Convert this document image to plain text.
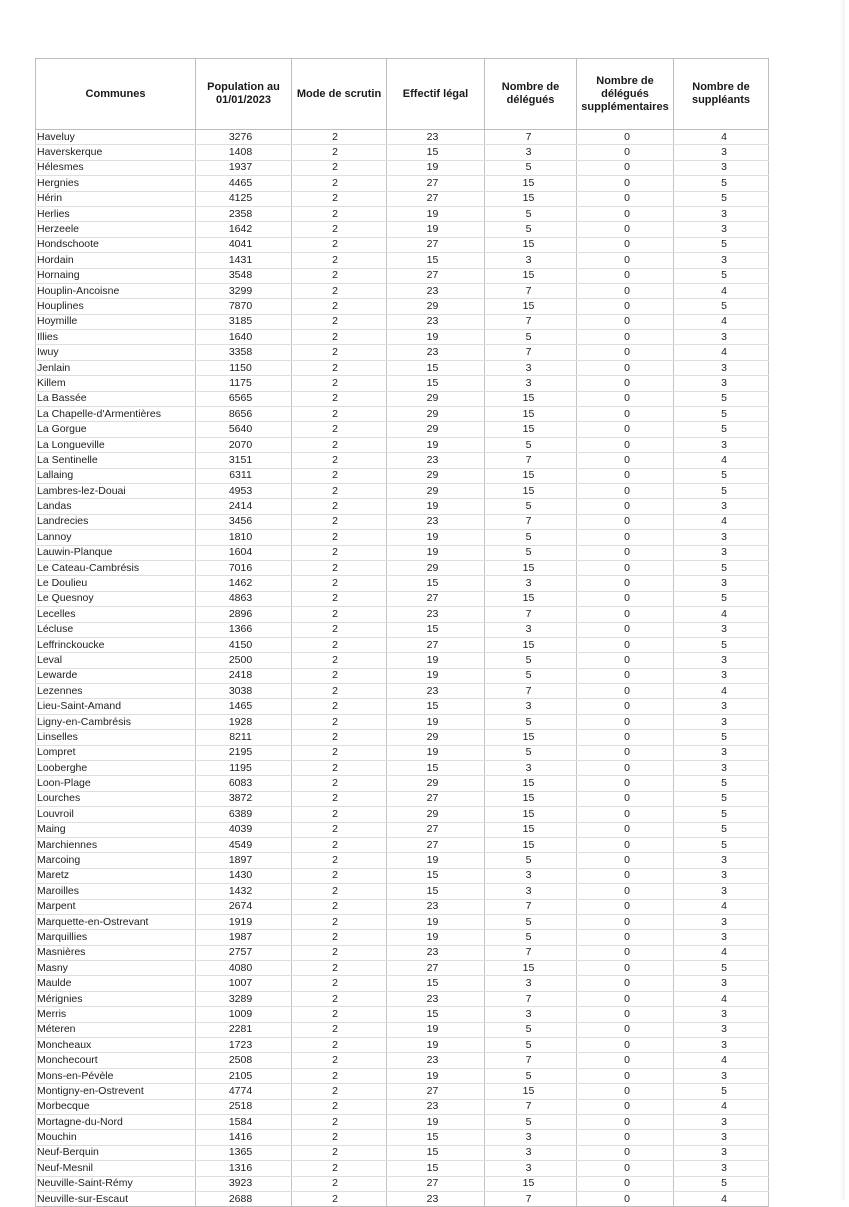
Communes	Population au 01/01/2023	Mode de scrutin	Effectif légal	Nombre de délégués	Nombre de délégués supplémentaires	Nombre de suppléants
Haveluy	3276	2	23	7	0	4
Haverskerque	1408	2	15	3	0	3
Hélesmes	1937	2	19	5	0	3
Hergnies	4465	2	27	15	0	5
Hérin	4125	2	27	15	0	5
Herlies	2358	2	19	5	0	3
Herzeele	1642	2	19	5	0	3
Hondschoote	4041	2	27	15	0	5
Hordain	1431	2	15	3	0	3
Hornaing	3548	2	27	15	0	5
Houplin-Ancoisne	3299	2	23	7	0	4
Houplines	7870	2	29	15	0	5
Hoymille	3185	2	23	7	0	4
Illies	1640	2	19	5	0	3
Iwuy	3358	2	23	7	0	4
Jenlain	1150	2	15	3	0	3
Killem	1175	2	15	3	0	3
La Bassée	6565	2	29	15	0	5
La Chapelle-d'Armentières	8656	2	29	15	0	5
La Gorgue	5640	2	29	15	0	5
La Longueville	2070	2	19	5	0	3
La Sentinelle	3151	2	23	7	0	4
Lallaing	6311	2	29	15	0	5
Lambres-lez-Douai	4953	2	29	15	0	5
Landas	2414	2	19	5	0	3
Landrecies	3456	2	23	7	0	4
Lannoy	1810	2	19	5	0	3
Lauwin-Planque	1604	2	19	5	0	3
Le Cateau-Cambrésis	7016	2	29	15	0	5
Le Doulieu	1462	2	15	3	0	3
Le Quesnoy	4863	2	27	15	0	5
Lecelles	2896	2	23	7	0	4
Lécluse	1366	2	15	3	0	3
Leffrinckoucke	4150	2	27	15	0	5
Leval	2500	2	19	5	0	3
Lewarde	2418	2	19	5	0	3
Lezennes	3038	2	23	7	0	4
Lieu-Saint-Amand	1465	2	15	3	0	3
Ligny-en-Cambrésis	1928	2	19	5	0	3
Linselles	8211	2	29	15	0	5
Lompret	2195	2	19	5	0	3
Looberghe	1195	2	15	3	0	3
Loon-Plage	6083	2	29	15	0	5
Lourches	3872	2	27	15	0	5
Louvroil	6389	2	29	15	0	5
Maing	4039	2	27	15	0	5
Marchiennes	4549	2	27	15	0	5
Marcoing	1897	2	19	5	0	3
Maretz	1430	2	15	3	0	3
Maroilles	1432	2	15	3	0	3
Marpent	2674	2	23	7	0	4
Marquette-en-Ostrevant	1919	2	19	5	0	3
Marquillies	1987	2	19	5	0	3
Masnières	2757	2	23	7	0	4
Masny	4080	2	27	15	0	5
Maulde	1007	2	15	3	0	3
Mérignies	3289	2	23	7	0	4
Merris	1009	2	15	3	0	3
Méteren	2281	2	19	5	0	3
Moncheaux	1723	2	19	5	0	3
Monchecourt	2508	2	23	7	0	4
Mons-en-Pévèle	2105	2	19	5	0	3
Montigny-en-Ostrevent	4774	2	27	15	0	5
Morbecque	2518	2	23	7	0	4
Mortagne-du-Nord	1584	2	19	5	0	3
Mouchin	1416	2	15	3	0	3
Neuf-Berquin	1365	2	15	3	0	3
Neuf-Mesnil	1316	2	15	3	0	3
Neuville-Saint-Rémy	3923	2	27	15	0	5
Neuville-sur-Escaut	2688	2	23	7	0	4
